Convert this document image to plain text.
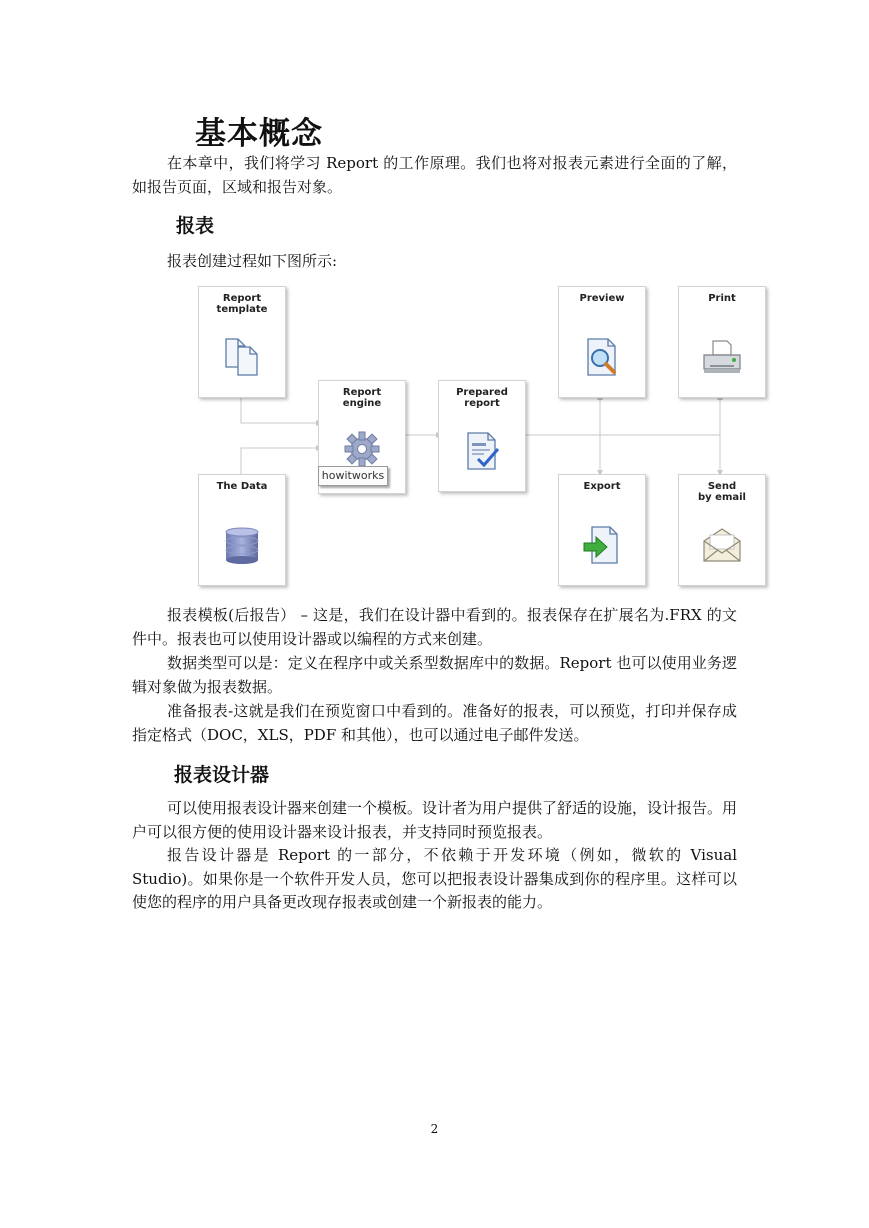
基本概念
在本章中，我们将学习 Report 的工作原理。我们也将对报表元素进行全面的了解，如报告页面，区域和报告对象。
报表
报表创建过程如下图所示:
Report
template
The Data
Report
engine
howitworks
Prepared
report
Preview
Export
Print
Send
by email
报表模板(后报告） – 这是，我们在设计器中看到的。报表保存在扩展名为.FRX 的文件中。报表也可以使用设计器或以编程的方式来创建。
数据类型可以是：定义在程序中或关系型数据库中的数据。Report 也可以使用业务逻辑对象做为报表数据。
准备报表-这就是我们在预览窗口中看到的。准备好的报表，可以预览，打印并保存成指定格式（DOC，XLS，PDF 和其他），也可以通过电子邮件发送。
报表设计器
可以使用报表设计器来创建一个模板。设计者为用户提供了舒适的设施，设计报告。用户可以很方便的使用设计器来设计报表，并支持同时预览报表。
报告设计器是 Report 的一部分，不依赖于开发环境（例如，微软的 Visual Studio)。如果你是一个软件开发人员，您可以把报表设计器集成到你的程序里。这样可以使您的程序的用户具备更改现存报表或创建一个新报表的能力。
2
